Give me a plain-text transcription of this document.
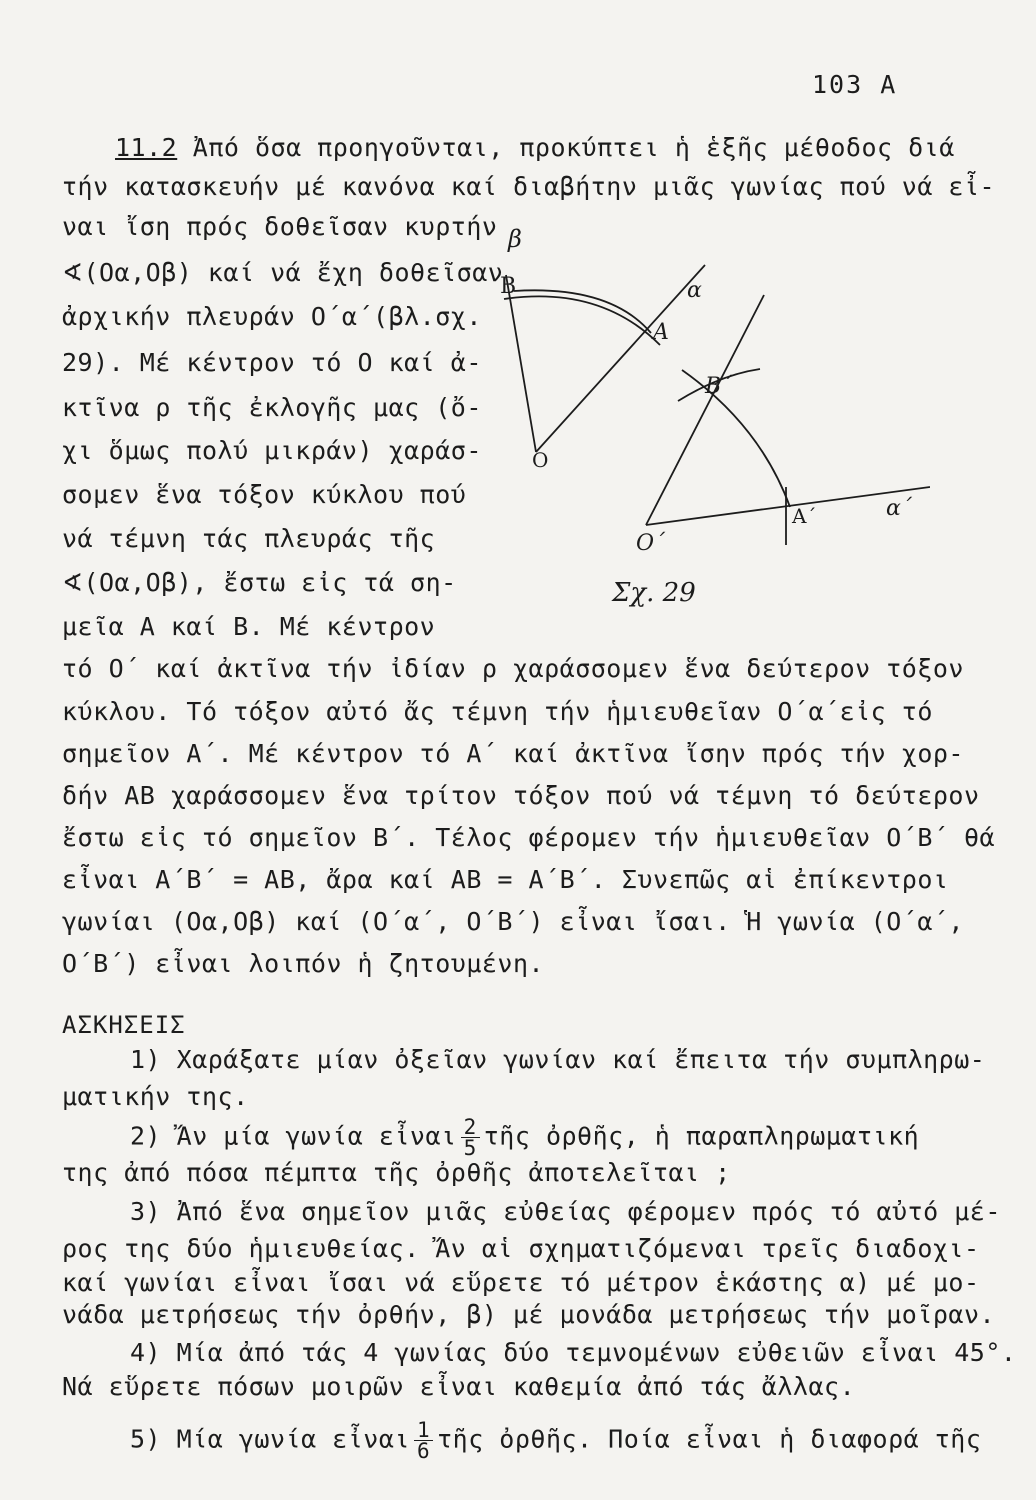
103 Α
11.2 Ἀπό ὅσα προηγοῦνται, προκύπτει ἡ ἑξῆς μέθοδος διά
τήν κατασκευήν μέ κανόνα καί διαβήτην μιᾶς γωνίας πού νά εἶ-
ναι ἴση πρός δοθεῖσαν κυρτήν
∢(Οα,Οβ) καί νά ἔχη δοθεῖσαν
ἀρχικήν πλευράν Ο΄α΄(βλ.σχ.
29). Μέ κέντρον τό Ο καί ἀ-
κτῖνα ρ τῆς ἐκλογῆς μας (ὄ-
χι ὅμως πολύ μικράν) χαράσ-
σομεν ἕνα τόξον κύκλου πού
νά τέμνη τάς πλευράς τῆς
∢(Οα,Οβ), ἔστω εἰς τά ση-
μεῖα Α καί Β. Μέ κέντρον
τό Ο΄ καί ἀκτῖνα τήν ἰδίαν ρ χαράσσομεν ἕνα δεύτερον τόξον
κύκλου. Τό τόξον αὐτό ἄς τέμνη τήν ἡμιευθεῖαν Ο΄α΄εἰς τό
σημεῖον Α΄. Μέ κέντρον τό Α΄ καί ἀκτῖνα ἴσην πρός τήν χορ-
δήν ΑΒ χαράσσομεν ἕνα τρίτον τόξον πού νά τέμνη τό δεύτερον
ἔστω εἰς τό σημεῖον Β΄. Τέλος φέρομεν τήν ἡμιευθεῖαν Ο΄Β΄ θά
εἶναι Α΄Β΄ = ΑΒ, ἄρα καί ΑΒ = Α΄Β΄. Συνεπῶς αἱ ἐπίκεντροι
γωνίαι (Οα,Οβ) καί (Ο΄α΄, Ο΄Β΄) εἶναι ἴσαι. Ἡ γωνία (Ο΄α΄,
Ο΄Β΄) εἶναι λοιπόν ἡ ζητουμένη.
β
Β	α
Α
Ο
Β΄
Ο΄
Α΄	α΄
Σχ. 29
ΑΣΚΗΣΕΙΣ
1) Χαράξατε μίαν ὀξεῖαν γωνίαν καί ἔπειτα τήν συμπληρω-
ματικήν της.
2) Ἄν μία γωνία εἶναι $\frac{2}{5}$ τῆς ὀρθῆς, ἡ παραπληρωματική
της ἀπό πόσα πέμπτα τῆς ὀρθῆς ἀποτελεῖται ;
3) Ἀπό ἕνα σημεῖον μιᾶς εὐθείας φέρομεν πρός τό αὐτό μέ-
ρος της δύο ἡμιευθείας. Ἄν αἱ σχηματιζόμεναι τρεῖς διαδοχι-
καί γωνίαι εἶναι ἴσαι νά εὕρετε τό μέτρον ἑκάστης α) μέ μο-
νάδα μετρήσεως τήν ὀρθήν, β) μέ μονάδα μετρήσεως τήν μοῖραν.
4) Μία ἀπό τάς 4 γωνίας δύο τεμνομένων εὐθειῶν εἶναι 45°.
Νά εὕρετε πόσων μοιρῶν εἶναι καθεμία ἀπό τάς ἄλλας.
5) Μία γωνία εἶναι $\frac{1}{6}$ τῆς ὀρθῆς. Ποία εἶναι ἡ διαφορά τῆς
